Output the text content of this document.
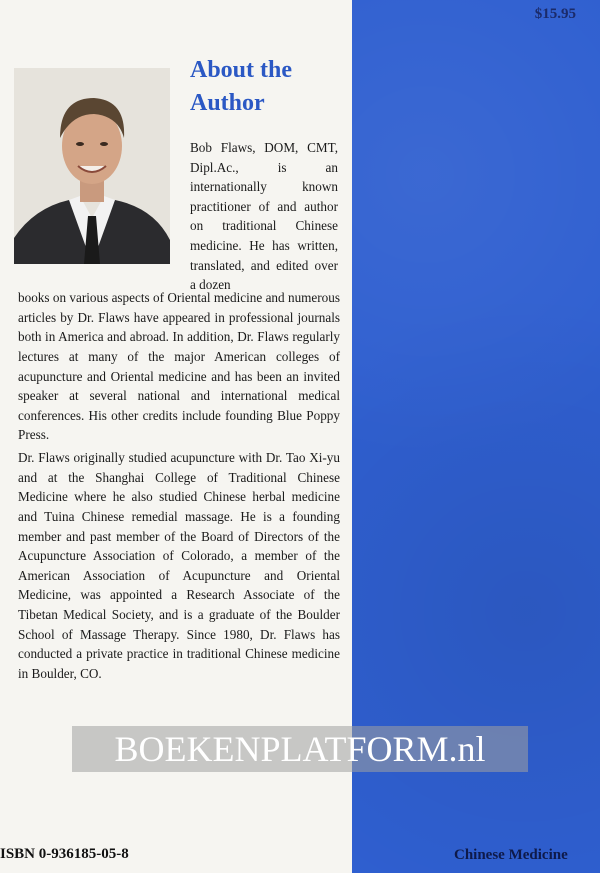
$15.95
About the
Author

Bob Flaws, DOM, CMT, Dipl.Ac., is an internationally known practitioner of and author on traditional Chinese medicine. He has written, translated, and edited over a dozen

books on various aspects of Oriental medicine and numerous articles by Dr. Flaws have appeared in professional journals both in America and abroad. In addition, Dr. Flaws regularly lectures at many of the major American colleges of acupuncture and Oriental medicine and has been an invited speaker at several national and international medical conferences. His other credits include founding Blue Poppy Press.

Dr. Flaws originally studied acupuncture with Dr. Tao Xi-yu and at the Shanghai College of Traditional Chinese Medicine where he also studied Chinese herbal medicine and Tuina Chinese remedial massage. He is a founding member and past member of the Board of Directors of the Acupuncture Association of Colorado, a member of the American Association of Acupuncture and Oriental Medicine, was appointed a Research Associate of the Tibetan Medical Society, and is a graduate of the Boulder School of Massage Therapy. Since 1980, Dr. Flaws has conducted a private practice in traditional Chinese medicine in Boulder, CO.

BOEKENPLATFORM.nl
ISBN 0-936185-05-8	Chinese Medicine
